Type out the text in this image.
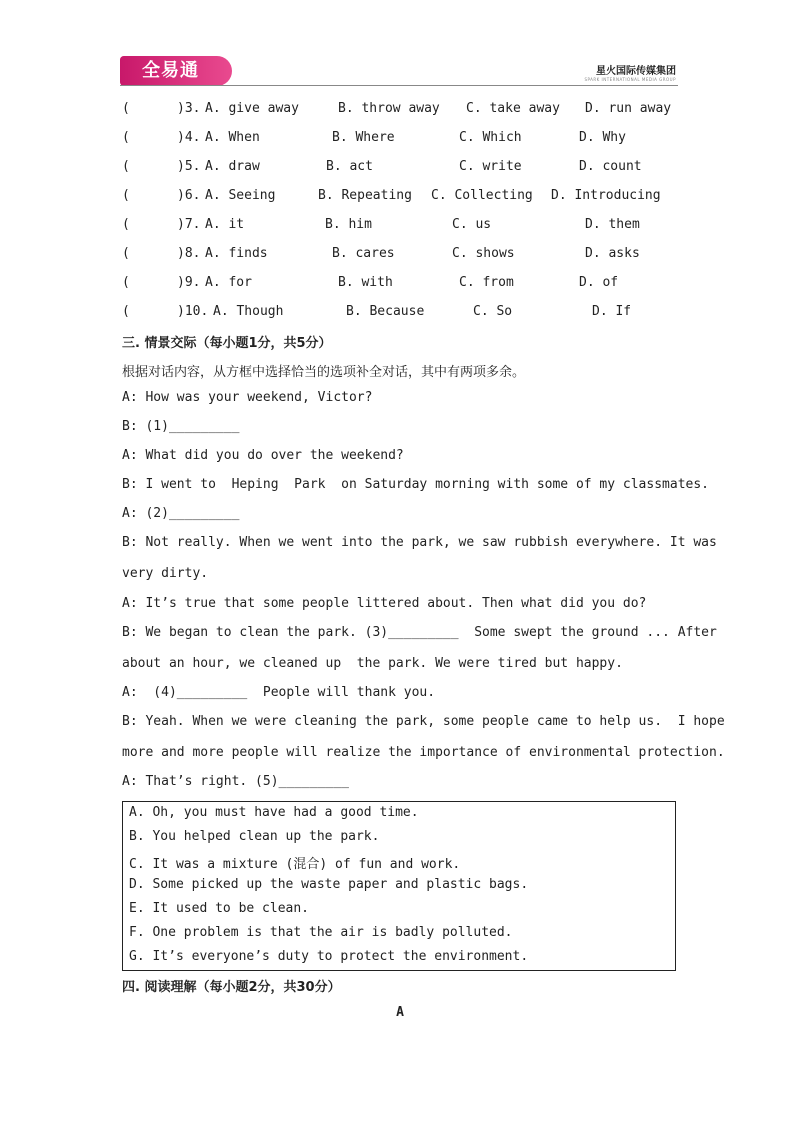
全易通	星火国际传媒集团
SPARK INTERNATIONAL MEDIA GROUP
(	)3. A. give away	B. throw away C. take away D. run away
(	)4. A. When	B. Where	C. Which	D. Why
(	)5. A. draw	B. act	C. write	D. count
(	)6. A. Seeing	B. Repeating C. Collecting D. Introducing
(	)7. A. it	B. him	C. us	D. them
(	)8. A. finds	B. cares	C. shows	D. asks
(	)9. A. for	B. with	C. from	D. of
(	)10. A. Though	B. Because	C. So	D. If
三. 情景交际（每小题1分，共5分）
根据对话内容，从方框中选择恰当的选项补全对话，其中有两项多余。
A: How was your weekend, Victor?
B: (1)_________
A: What did you do over the weekend?
B: I went to  Heping  Park  on Saturday morning with some of my classmates.
A: (2)_________
B: Not really. When we went into the park, we saw rubbish everywhere. It was
very dirty.
A: It’s true that some people littered about. Then what did you do?
B: We began to clean the park. (3)_________  Some swept the ground ... After
about an hour, we cleaned up  the park. We were tired but happy.
A:  (4)_________  People will thank you.
B: Yeah. When we were cleaning the park, some people came to help us.  I hope
more and more people will realize the importance of environmental protection.
A: That’s right. (5)_________
A. Oh, you must have had a good time.
B. You helped clean up the park.
C. It was a mixture (混合) of fun and work.
D. Some picked up the waste paper and plastic bags.
E. It used to be clean.
F. One problem is that the air is badly polluted.
G. It’s everyone’s duty to protect the environment.
四. 阅读理解（每小题2分，共30分）
A
